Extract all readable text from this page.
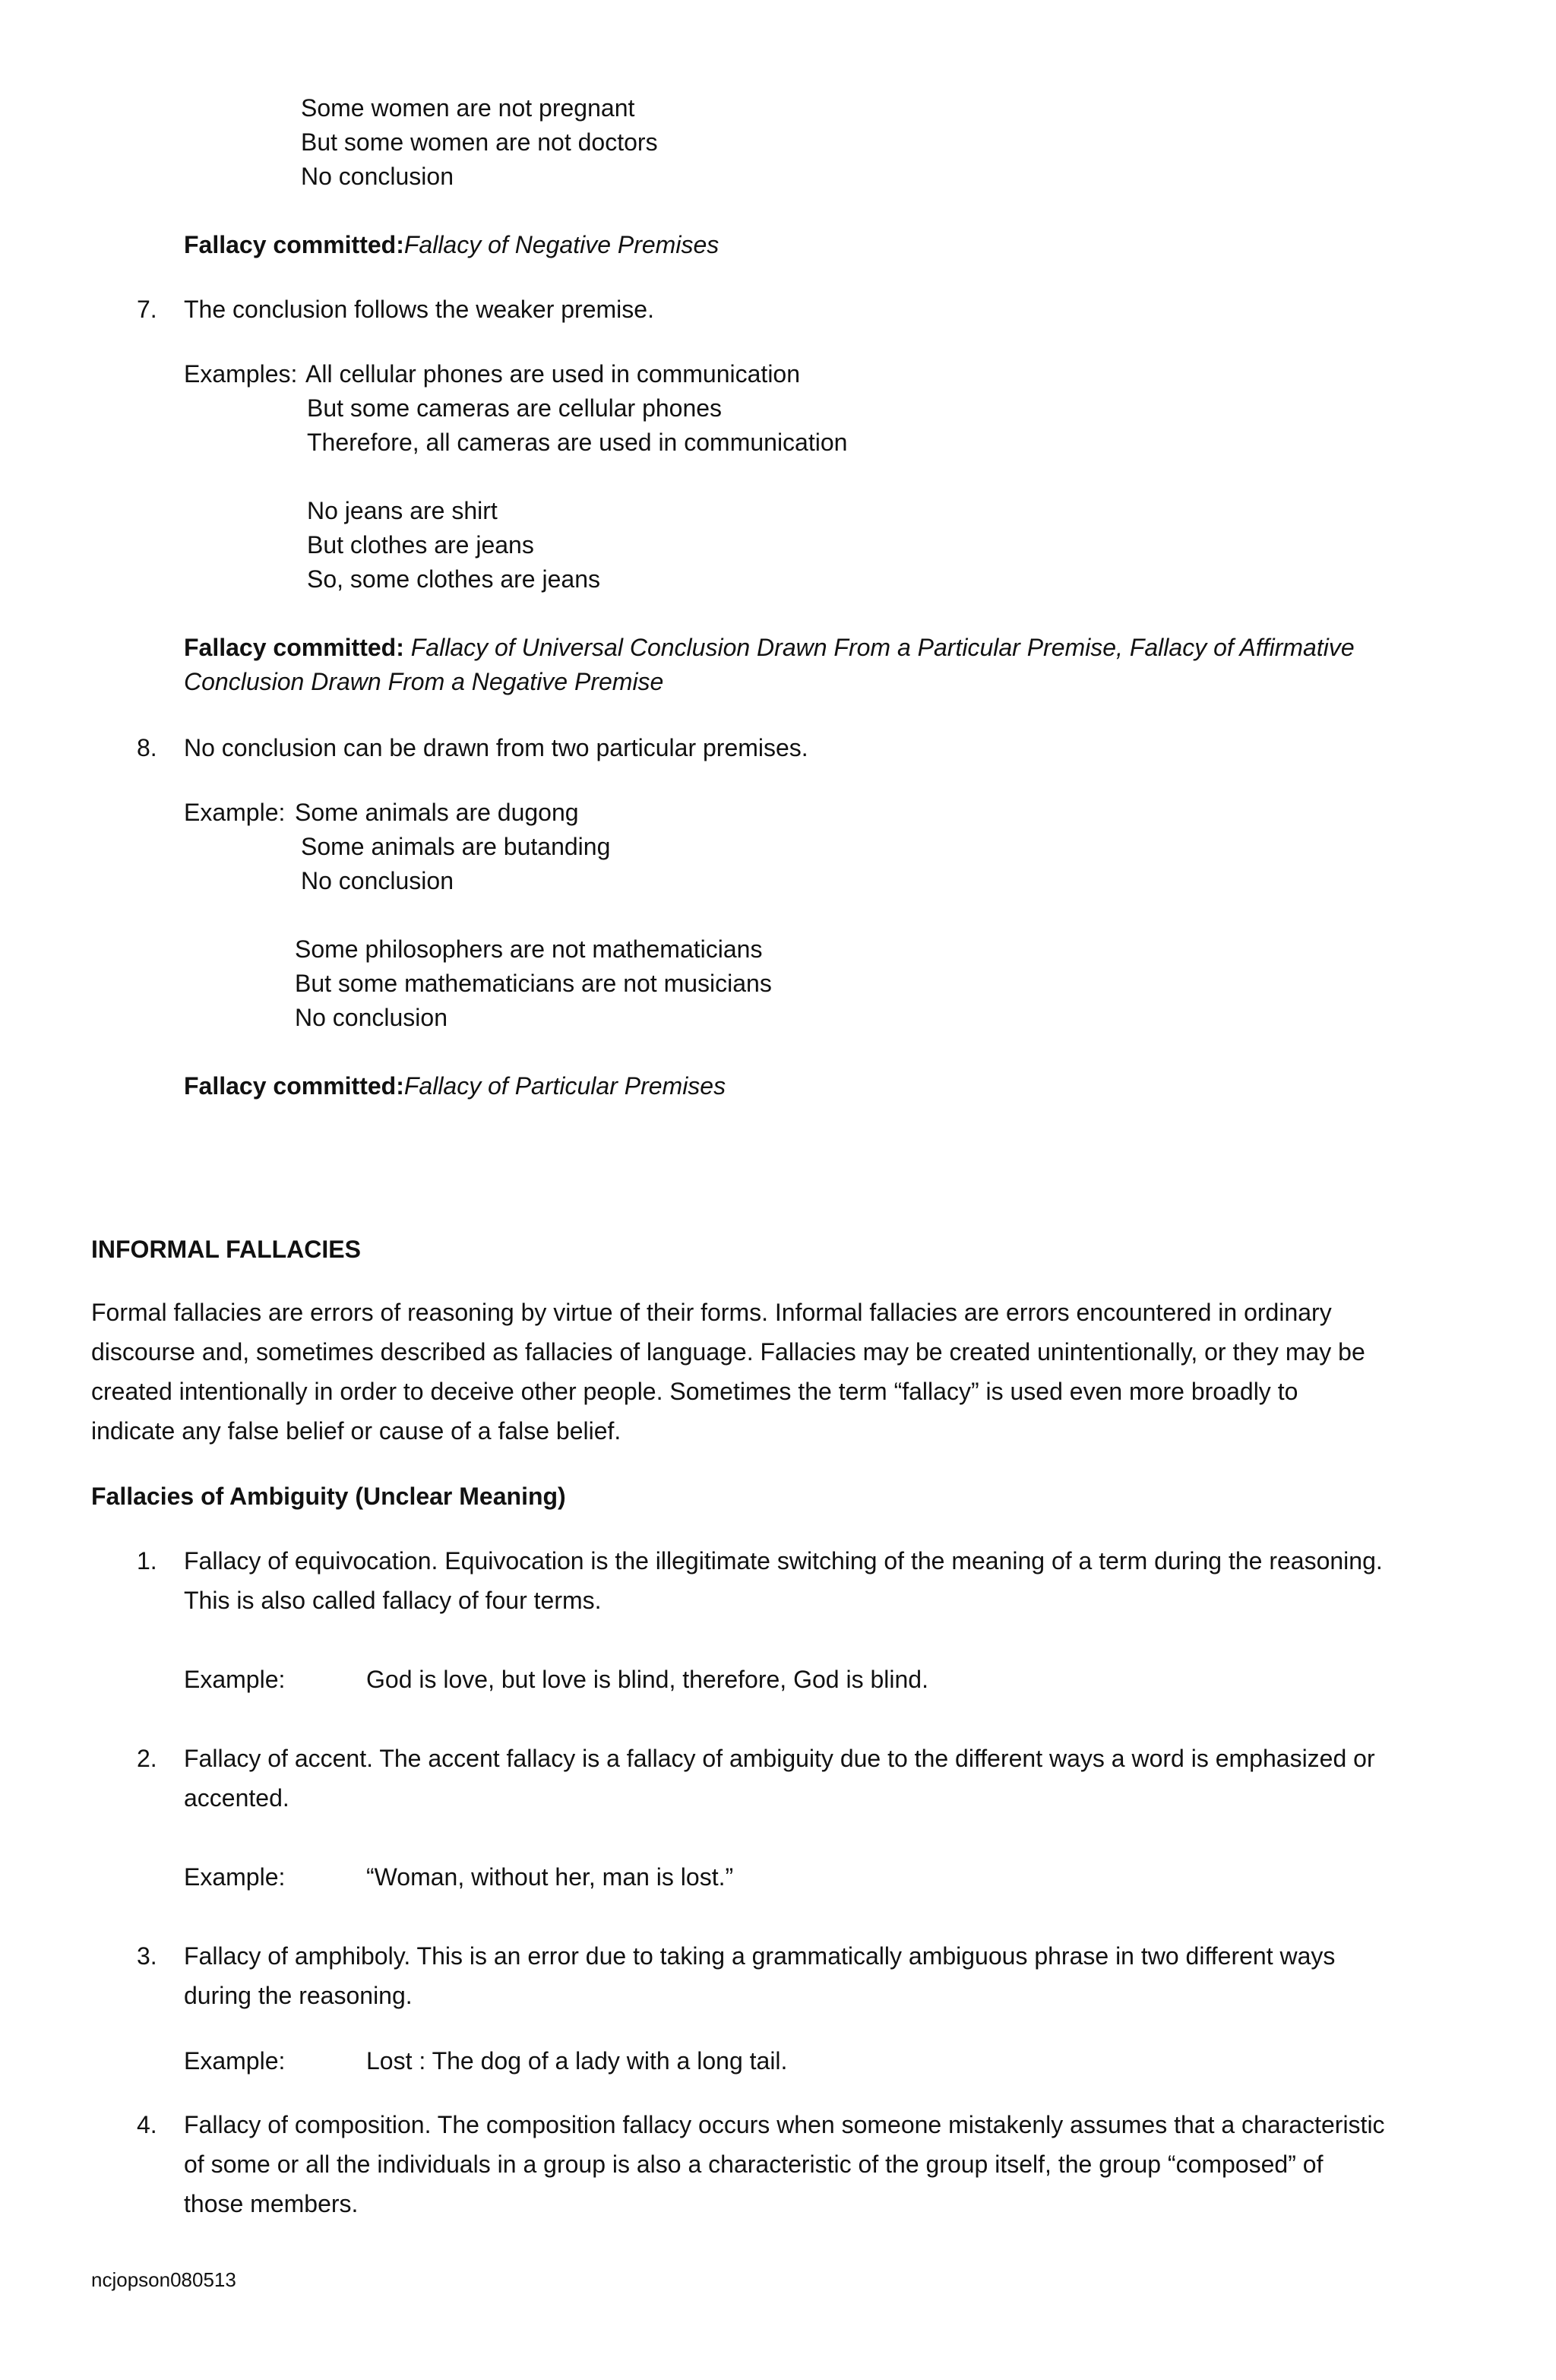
Some women are not pregnant
But some women are not doctors
No conclusion
Fallacy committed:Fallacy of Negative Premises
7. The conclusion follows the weaker premise.
Examples: All cellular phones are used in communication
But some cameras are cellular phones
Therefore, all cameras are used in communication
No jeans are shirt
But clothes are jeans
So, some clothes are jeans
Fallacy committed: Fallacy of Universal Conclusion Drawn From a Particular Premise, Fallacy of Affirmative
Conclusion Drawn From a Negative Premise
8. No conclusion can be drawn from two particular premises.
Example: Some animals are dugong
Some animals are butanding
No conclusion
Some philosophers are not mathematicians
But some mathematicians are not musicians
No conclusion
Fallacy committed:Fallacy of Particular Premises
INFORMAL FALLACIES
Formal fallacies are errors of reasoning by virtue of their forms. Informal fallacies are errors encountered in ordinary
discourse and, sometimes described as fallacies of language. Fallacies may be created unintentionally, or they may be
created intentionally in order to deceive other people. Sometimes the term “fallacy” is used even more broadly to
indicate any false belief or cause of a false belief.
Fallacies of Ambiguity (Unclear Meaning)
1. Fallacy of equivocation. Equivocation is the illegitimate switching of the meaning of a term during the reasoning.
This is also called fallacy of four terms.
Example:	God is love, but love is blind, therefore, God is blind.
2. Fallacy of accent. The accent fallacy is a fallacy of ambiguity due to the different ways a word is emphasized or
accented.
Example:	“Woman, without her, man is lost.”
3. Fallacy of amphiboly. This is an error due to taking a grammatically ambiguous phrase in two different ways
during the reasoning.
Example:	Lost : The dog of a lady with a long tail.
4. Fallacy of composition. The composition fallacy occurs when someone mistakenly assumes that a characteristic
of some or all the individuals in a group is also a characteristic of the group itself, the group “composed” of
those members.
ncjopson080513
